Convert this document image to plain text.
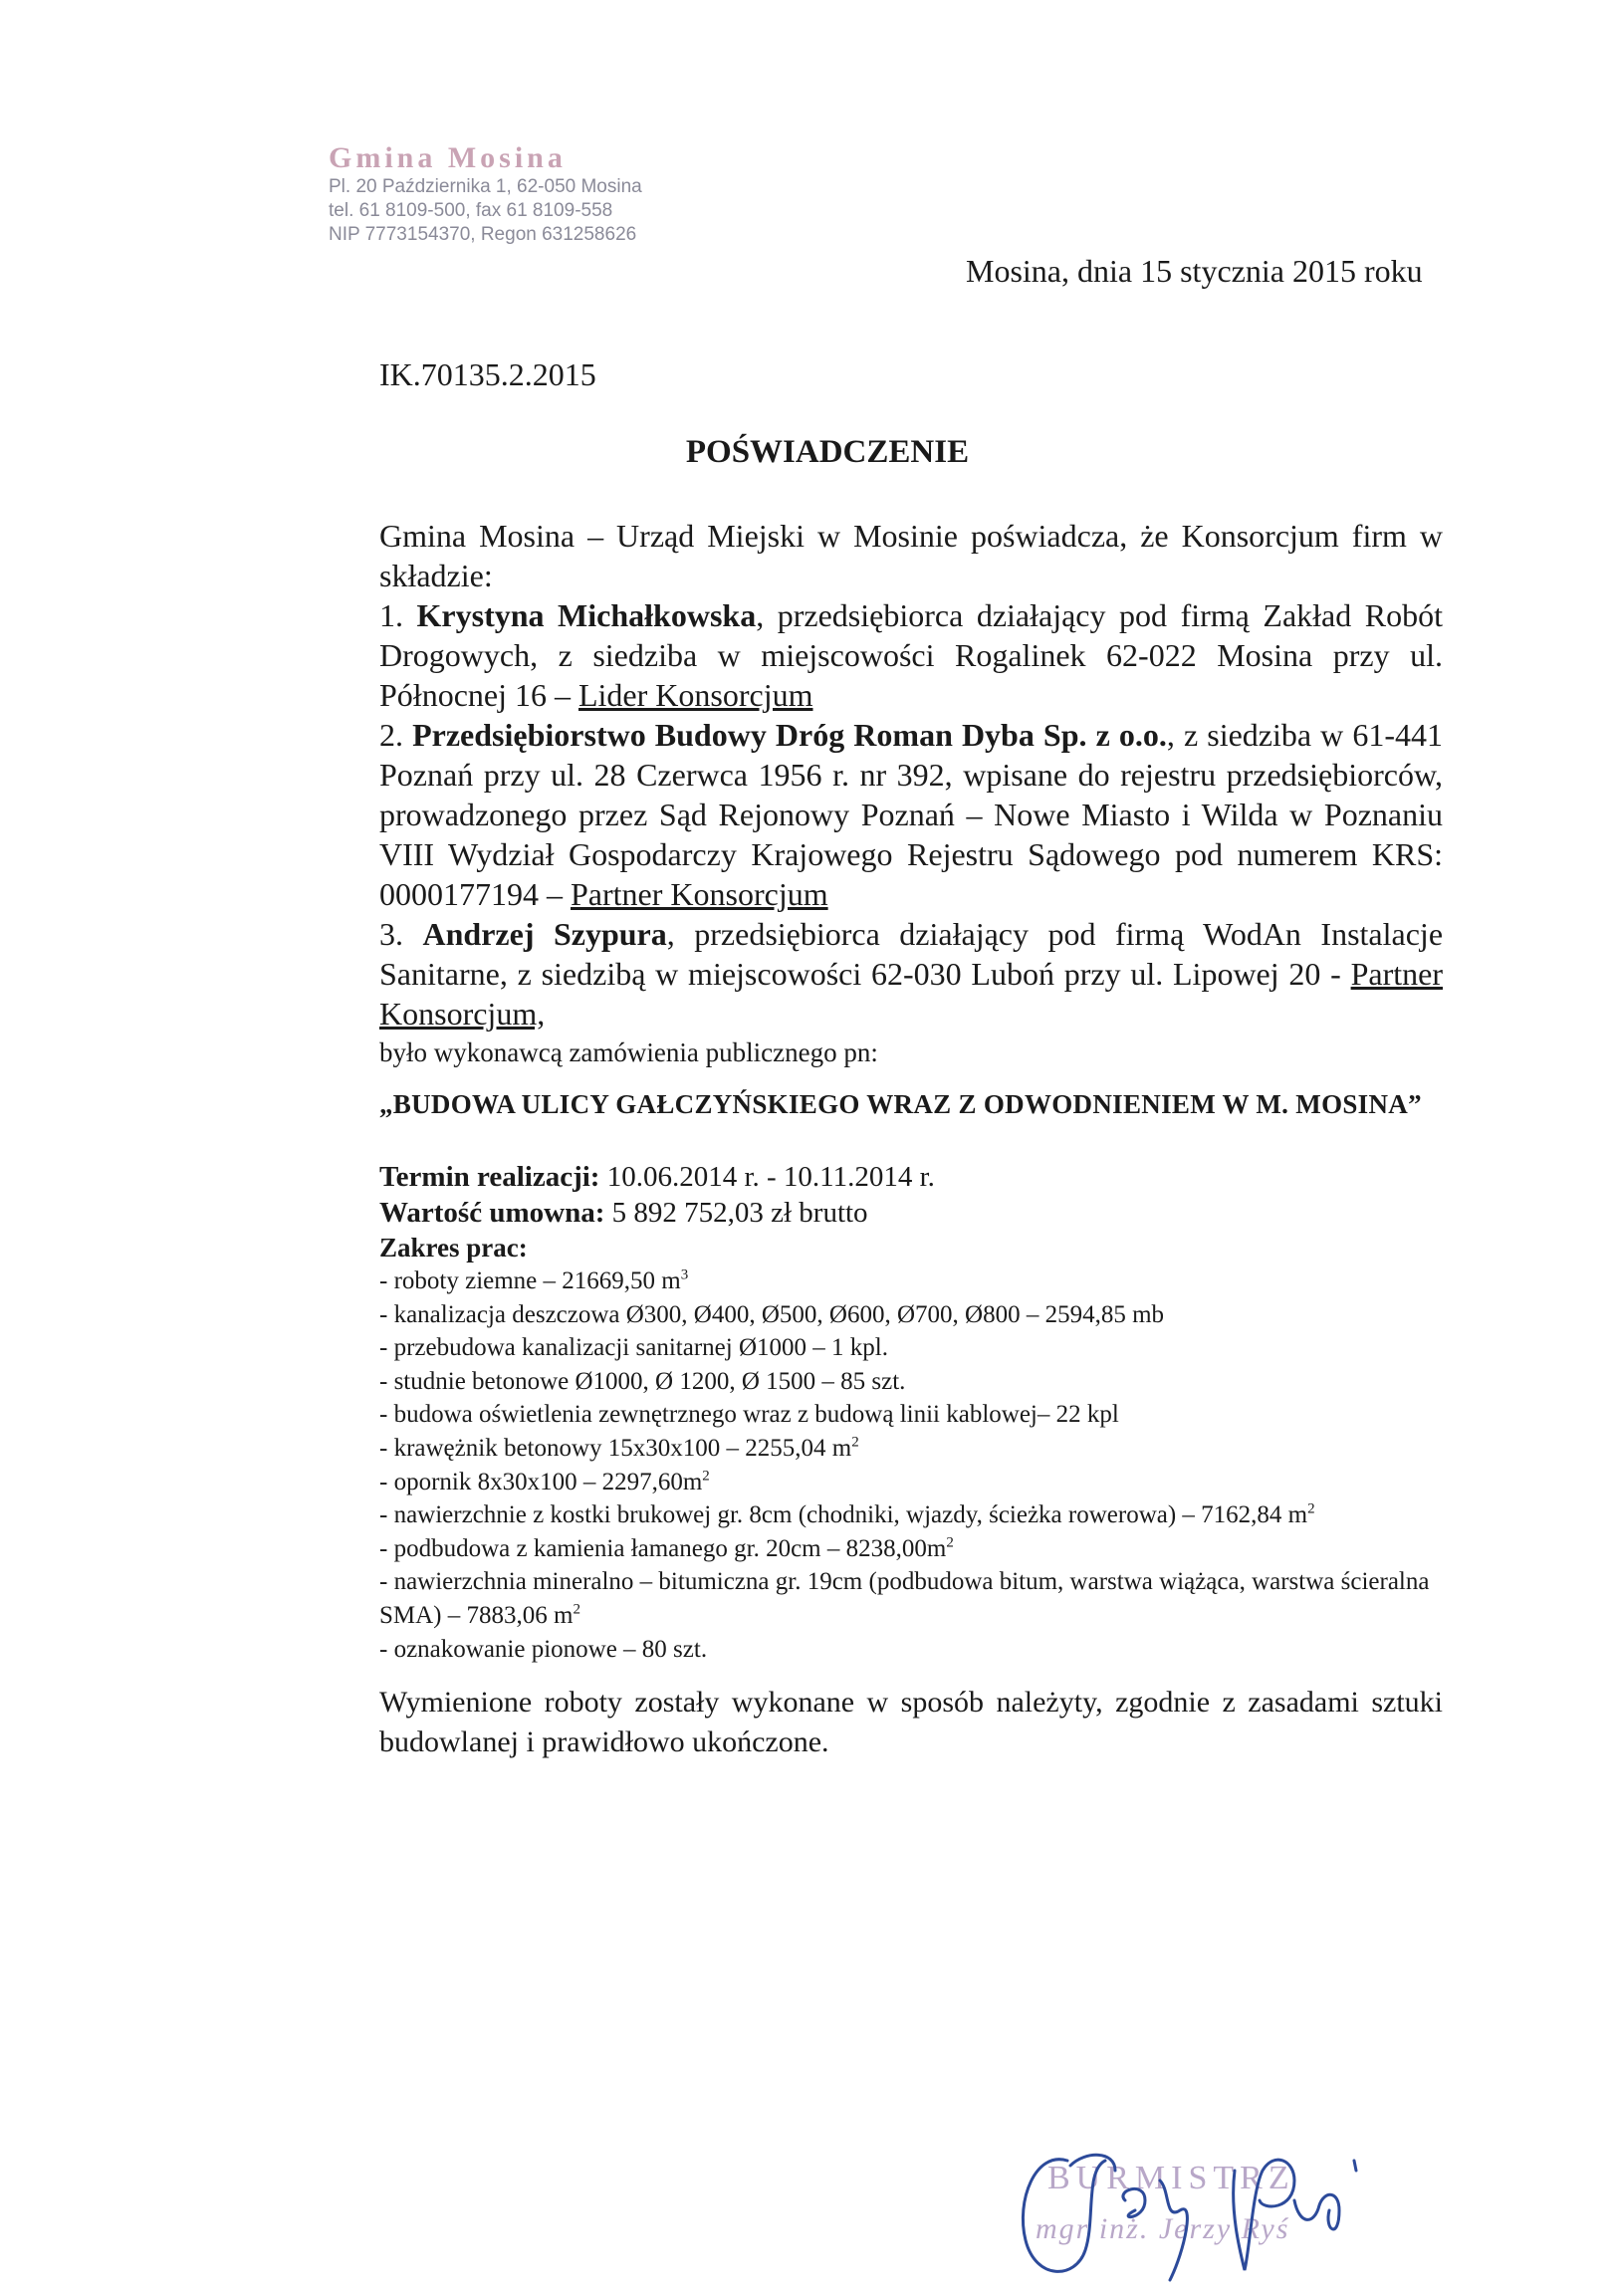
Gmina Mosina
Pl. 20 Października 1, 62-050 Mosina
tel. 61 8109-500, fax 61 8109-558
NIP 7773154370, Regon 631258626
Mosina, dnia 15 stycznia 2015 roku
IK.70135.2.2015
POŚWIADCZENIE

Gmina Mosina – Urząd Miejski w Mosinie poświadcza, że Konsorcjum firm w składzie:

1. Krystyna Michałkowska, przedsiębiorca działający pod firmą Zakład Robót Drogowych, z siedziba w miejscowości Rogalinek 62-022 Mosina przy ul. Północnej 16 – Lider Konsorcjum

2. Przedsiębiorstwo Budowy Dróg Roman Dyba Sp. z o.o., z siedziba w 61-441 Poznań przy ul. 28 Czerwca 1956 r. nr 392, wpisane do rejestru przedsiębiorców, prowadzonego przez Sąd Rejonowy Poznań – Nowe Miasto i Wilda w Poznaniu VIII Wydział Gospodarczy Krajowego Rejestru Sądowego pod numerem KRS: 0000177194 – Partner Konsorcjum

3. Andrzej Szypura, przedsiębiorca działający pod firmą WodAn Instalacje Sanitarne, z siedzibą w miejscowości 62-030 Luboń przy ul. Lipowej 20 - Partner Konsorcjum,

było wykonawcą zamówienia publicznego pn:

„BUDOWA ULICY GAŁCZYŃSKIEGO WRAZ Z ODWODNIENIEM W M. MOSINA”
Termin realizacji: 10.06.2014 r. - 10.11.2014 r.
Wartość umowna: 5 892 752,03 zł brutto
Zakres prac:
- roboty ziemne – 21669,50 $m^3$
- kanalizacja deszczowa Ø300, Ø400, Ø500, Ø600, Ø700, Ø800 – 2594,85 mb
- przebudowa kanalizacji sanitarnej Ø1000 – 1 kpl.
- studnie betonowe Ø1000, Ø 1200, Ø 1500 – 85 szt.
- budowa oświetlenia zewnętrznego wraz z budową linii kablowej– 22 kpl
- krawężnik betonowy 15x30x100 – 2255,04 $m^2$
- opornik $8x30x100 - 2297,60m^2$
- nawierzchnie z kostki brukowej gr. 8cm (chodniki, wjazdy, ścieżka rowerowa) – 7162,84 $m^2$
- podbudowa z kamienia łamanego gr. $20cm - 8238,00m^2$
- nawierzchnia mineralno – bitumiczna gr. 19cm (podbudowa bitum, warstwa wiążąca, warstwa ścieralna SMA) – 7883,06 $m^2$
- oznakowanie pionowe – 80 szt.
Wymienione roboty zostały wykonane w sposób należyty, zgodnie z zasadami sztuki budowlanej i prawidłowo ukończone.
BURMISTRZ
mgr inż. Jerzy Ryś
